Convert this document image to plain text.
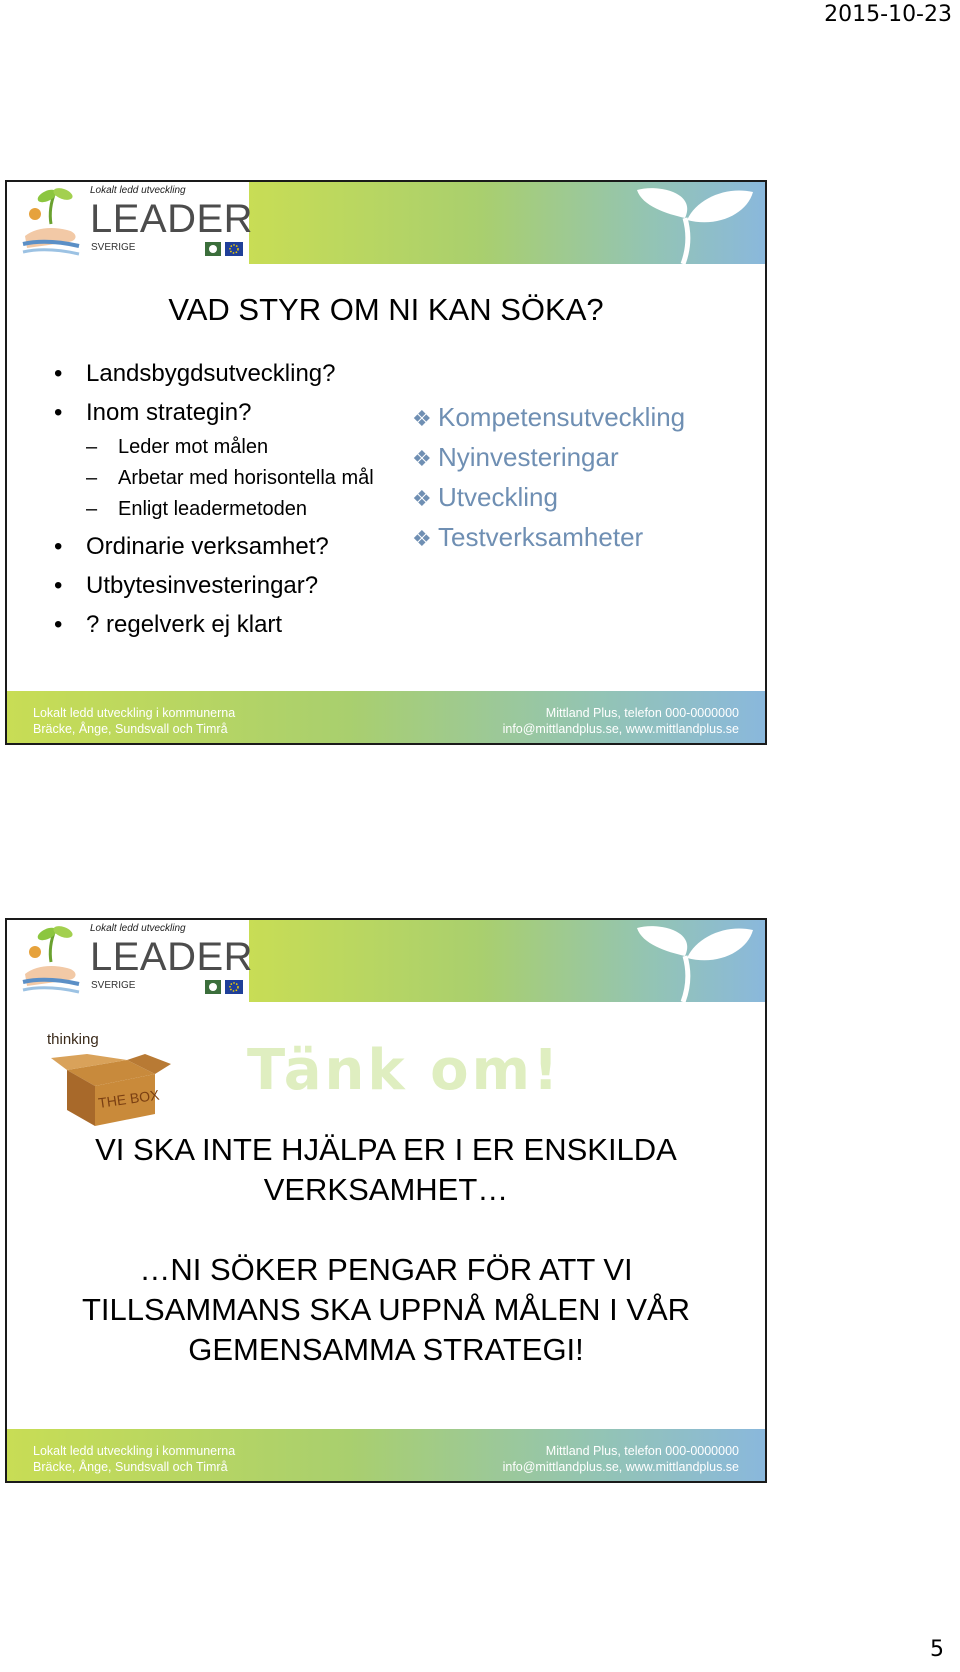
2015-10-23
Lokalt ledd utveckling
LEADER
SVERIGE
VAD STYR OM NI KAN SÖKA?
• Landsbygdsutveckling?
• Inom strategin?
– Leder mot målen
– Arbetar med horisontella mål
– Enligt leadermetoden
• Ordinarie verksamhet?
• Utbytesinvesteringar?
• ? regelverk ej klart
❖ Kompetensutveckling
❖ Nyinvesteringar
❖ Utveckling
❖ Testverksamheter
Lokalt ledd utveckling i kommunerna
Bräcke, Ånge, Sundsvall och Timrå
Mittland Plus, telefon 000-0000000
info@mittlandplus.se, www.mittlandplus.se
Lokalt ledd utveckling
LEADER
SVERIGE
thinking
THE BOX Tänk om!
VI SKA INTE HJÄLPA ER I ER ENSKILDA
VERKSAMHET…
…NI SÖKER PENGAR FÖR ATT VI
TILLSAMMANS SKA UPPNÅ MÅLEN I VÅR
GEMENSAMMA STRATEGI!
Lokalt ledd utveckling i kommunerna
Bräcke, Ånge, Sundsvall och Timrå
Mittland Plus, telefon 000-0000000
info@mittlandplus.se, www.mittlandplus.se
5
